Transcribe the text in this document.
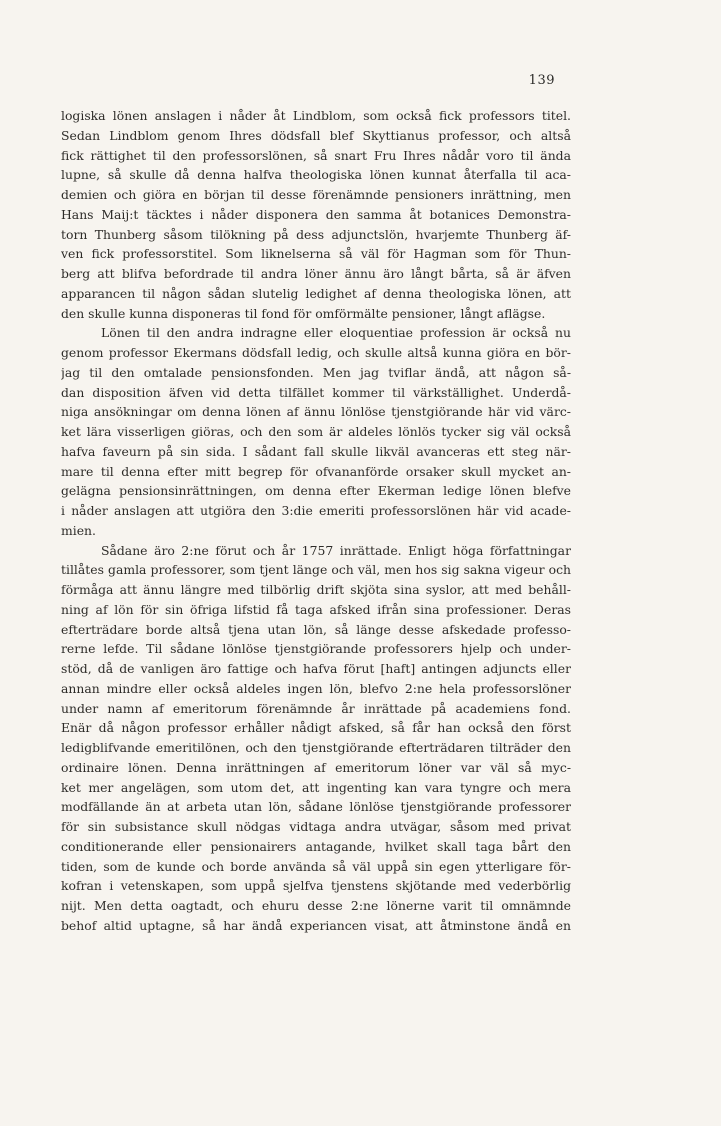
139
logiska lönen anslagen i nåder åt Lindblom, som också fick professors titel.
Sedan Lindblom genom Ihres dödsfall blef Skyttianus professor, och altså
fick rättighet til den professorslönen, så snart Fru Ihres nådår voro til ända
lupne, så skulle då denna halfva theologiska lönen kunnat återfalla til aca-
demien och giöra en början til desse förenämnde pensioners inrättning, men
Hans Maij:t täcktes i nåder disponera den samma åt botanices Demonstra-
torn Thunberg såsom tilökning på dess adjunctslön, hvarjemte Thunberg äf-
ven fick professorstitel. Som liknelserna så väl för Hagman som för Thun-
berg att blifva befordrade til andra löner ännu äro långt bårta, så är äfven
apparancen til någon sådan slutelig ledighet af denna theologiska lönen, att
den skulle kunna disponeras til fond för omförmälte pensioner, långt aflägse.
Lönen til den andra indragne eller eloquentiae profession är också nu
genom professor Ekermans dödsfall ledig, och skulle altså kunna giöra en bör-
jag til den omtalade pensionsfonden. Men jag tviflar ändå, att någon så-
dan disposition äfven vid detta tilfället kommer til värkställighet. Underdå-
niga ansökningar om denna lönen af ännu lönlöse tjenstgiörande här vid värc-
ket lära visserligen giöras, och den som är aldeles lönlös tycker sig väl också
hafva faveurn på sin sida. I sådant fall skulle likväl avanceras ett steg när-
mare til denna efter mitt begrep för ofvananförde orsaker skull mycket an-
gelägna pensionsinrättningen, om denna efter Ekerman ledige lönen blefve
i nåder anslagen att utgiöra den 3:die emeriti professorslönen här vid acade-
mien.
Sådane äro 2:ne förut och år 1757 inrättade. Enligt höga författningar
tillåtes gamla professorer, som tjent länge och väl, men hos sig sakna vigeur och
förmåga att ännu längre med tilbörlig drift skjöta sina syslor, att med behåll-
ning af lön för sin öfriga lifstid få taga afsked ifrån sina professioner. Deras
efterträdare borde altså tjena utan lön, så länge desse afskedade professo-
rerne lefde. Til sådane lönlöse tjenstgiörande professorers hjelp och under-
stöd, då de vanligen äro fattige och hafva förut [haft] antingen adjuncts eller
annan mindre eller också aldeles ingen lön, blefvo 2:ne hela professorslöner
under namn af emeritorum förenämnde år inrättade på academiens fond.
Enär då någon professor erhåller nådigt afsked, så får han också den först
ledigblifvande emeritilönen, och den tjenstgiörande efterträdaren tilträder den
ordinaire lönen. Denna inrättningen af emeritorum löner var väl så myc-
ket mer angelägen, som utom det, att ingenting kan vara tyngre och mera
modfällande än at arbeta utan lön, sådane lönlöse tjenstgiörande professorer
för sin subsistance skull nödgas vidtaga andra utvägar, såsom med privat
conditionerande eller pensionairers antagande, hvilket skall taga bårt den
tiden, som de kunde och borde använda så väl uppå sin egen ytterligare för-
kofran i vetenskapen, som uppå sjelfva tjenstens skjötande med vederbörlig
nijt. Men detta oagtadt, och ehuru desse 2:ne lönerne varit til omnämnde
behof altid uptagne, så har ändå experiancen visat, att åtminstone ändå en
